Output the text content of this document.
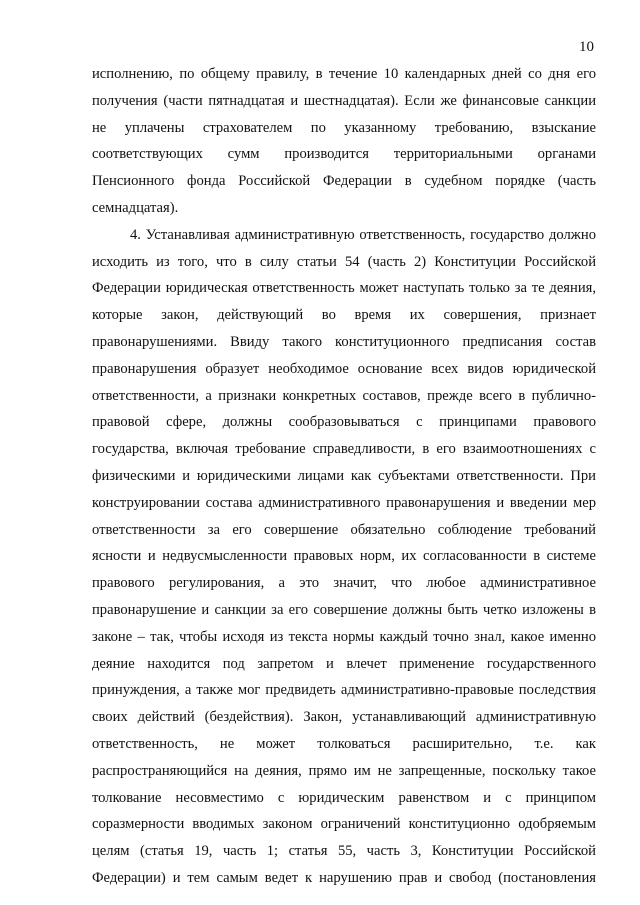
10
исполнению, по общему правилу, в течение 10 календарных дней со дня его
получения (части пятнадцатая и шестнадцатая). Если же финансовые санкции
не уплачены страхователем по указанному требованию, взыскание
соответствующих сумм производится территориальными органами
Пенсионного фонда Российской Федерации в судебном порядке (часть
семнадцатая).
4. Устанавливая административную ответственность, государство должно
исходить из того, что в силу статьи 54 (часть 2) Конституции Российской
Федерации юридическая ответственность может наступать только за те деяния,
которые закон, действующий во время их совершения, признает
правонарушениями. Ввиду такого конституционного предписания состав
правонарушения образует необходимое основание всех видов юридической
ответственности, а признаки конкретных составов, прежде всего в публично-
правовой сфере, должны сообразовываться с принципами правового
государства, включая требование справедливости, в его взаимоотношениях с
физическими и юридическими лицами как субъектами ответственности. При
конструировании состава административного правонарушения и введении мер
ответственности за его совершение обязательно соблюдение требований
ясности и недвусмысленности правовых норм, их согласованности в системе
правового регулирования, а это значит, что любое административное
правонарушение и санкции за его совершение должны быть четко изложены в
законе – так, чтобы исходя из текста нормы каждый точно знал, какое именно
деяние находится под запретом и влечет применение государственного
принуждения, а также мог предвидеть административно-правовые последствия
своих действий (бездействия). Закон, устанавливающий административную
ответственность, не может толковаться расширительно, т.е. как
распространяющийся на деяния, прямо им не запрещенные, поскольку такое
толкование несовместимо с юридическим равенством и с принципом
соразмерности вводимых законом ограничений конституционно одобряемым
целям (статья 19, часть 1; статья 55, часть 3, Конституции Российской
Федерации) и тем самым ведет к нарушению прав и свобод (постановления
